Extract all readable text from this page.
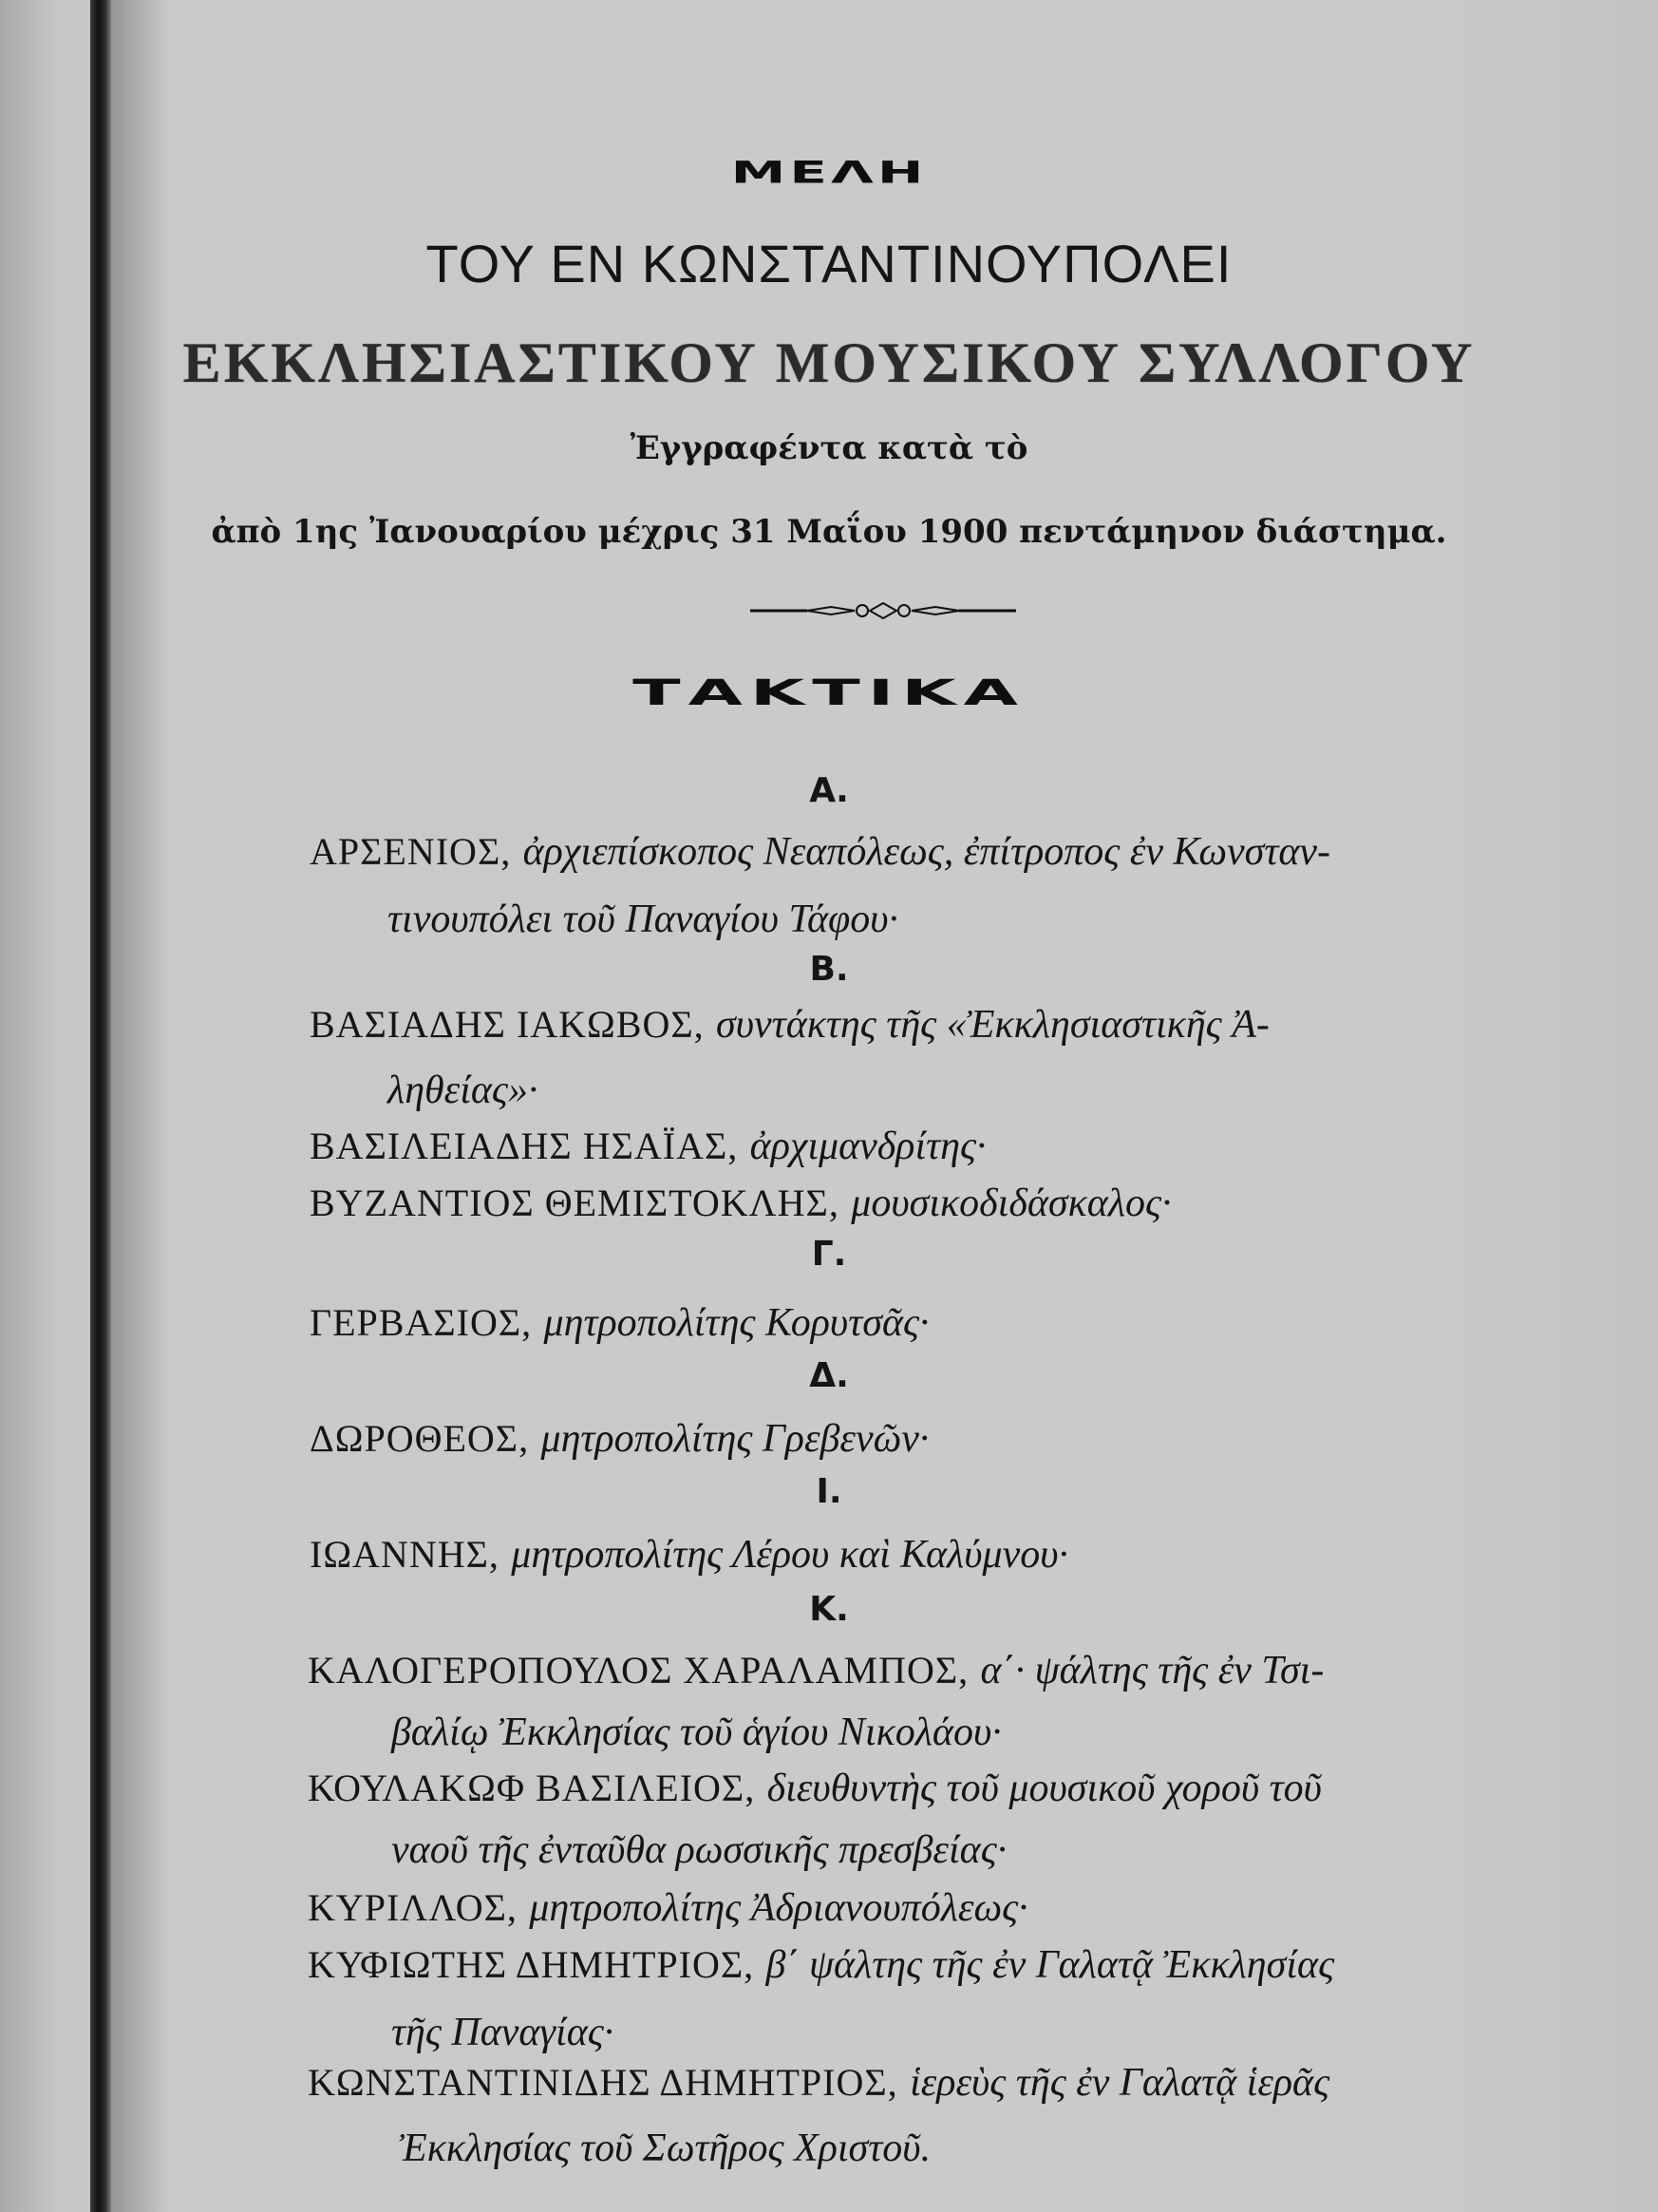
ΜΕΛΗ
ΤΟΥ ΕΝ ΚΩΝΣΤΑΝΤΙΝΟΥΠΟΛΕΙ
ΕΚΚΛΗΣΙΑΣΤΙΚΟΥ ΜΟΥΣΙΚΟΥ ΣΥΛΛΟΓΟΥ
Ἐγγραφέντα κατὰ τὸ
ἀπὸ 1ης Ἰανουαρίου μέχρις 31 Μαΐου 1900 πεντάμηνον διάστημα.
ΤΑΚΤΙΚΑ
Α.
ΑΡΣΕΝΙΟΣ, ἀρχιεπίσκοπος Νεαπόλεως, ἐπίτροπος ἐν Κωνσταν-
τινουπόλει τοῦ Παναγίου Τάφου·
Β.
ΒΑΣΙΑΔΗΣ ΙΑΚΩΒΟΣ, συντάκτης τῆς «Ἐκκλησιαστικῆς Ἀ-
ληθείας»·
ΒΑΣΙΛΕΙΑΔΗΣ ΗΣΑΪΑΣ, ἀρχιμανδρίτης·
ΒΥΖΑΝΤΙΟΣ ΘΕΜΙΣΤΟΚΛΗΣ, μουσικοδιδάσκαλος·
Γ.
ΓΕΡΒΑΣΙΟΣ, μητροπολίτης Κορυτσᾶς·
Δ.
ΔΩΡΟΘΕΟΣ, μητροπολίτης Γρεβενῶν·
Ι.
ΙΩΑΝΝΗΣ, μητροπολίτης Λέρου καὶ Καλύμνου·
Κ.
ΚΑΛΟΓΕΡΟΠΟΥΛΟΣ ΧΑΡΑΛΑΜΠΟΣ, α΄· ψάλτης τῆς ἐν Τσι-
βαλίῳ Ἐκκλησίας τοῦ ἁγίου Νικολάου·
ΚΟΥΛΑΚΩΦ ΒΑΣΙΛΕΙΟΣ, διευθυντὴς τοῦ μουσικοῦ χοροῦ τοῦ
ναοῦ τῆς ἐνταῦθα ρωσσικῆς πρεσβείας·
ΚΥΡΙΛΛΟΣ, μητροπολίτης Ἀδριανουπόλεως·
ΚΥΦΙΩΤΗΣ ΔΗΜΗΤΡΙΟΣ, β΄ ψάλτης τῆς ἐν Γαλατᾷ Ἐκκλησίας
τῆς Παναγίας·
ΚΩΝΣΤΑΝΤΙΝΙΔΗΣ ΔΗΜΗΤΡΙΟΣ, ἱερεὺς τῆς ἐν Γαλατᾷ ἱερᾶς
Ἐκκλησίας τοῦ Σωτῆρος Χριστοῦ.
